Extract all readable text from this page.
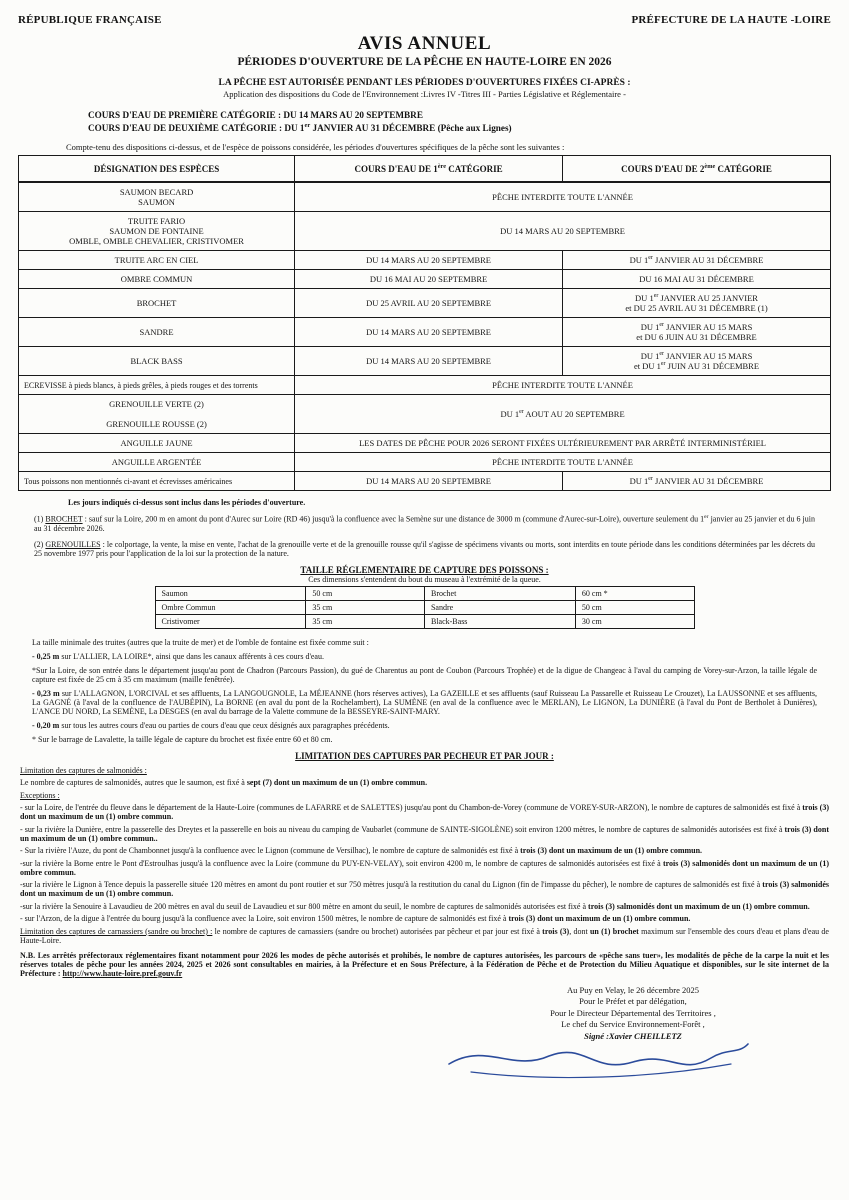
RÉPUBLIQUE FRANÇAISE	PRÉFECTURE DE LA HAUTE -LOIRE
AVIS ANNUEL
PÉRIODES D'OUVERTURE DE LA PÊCHE EN HAUTE-LOIRE EN 2026
LA PÊCHE EST AUTORISÉE PENDANT LES PÉRIODES D'OUVERTURES FIXÉES CI-APRÈS :
Application des dispositions du Code de l'Environnement :Livres IV -Titres III - Parties Législative et Réglementaire -
COURS D'EAU DE PREMIÈRE CATÉGORIE : DU 14 MARS AU 20 SEPTEMBRE
COURS D'EAU DE DEUXIÈME CATÉGORIE : DU 1er JANVIER AU 31 DÉCEMBRE (Pêche aux Lignes)
Compte-tenu des dispositions ci-dessus, et de l'espèce de poissons considérée, les périodes d'ouvertures spécifiques de la pêche sont les suivantes :
DÉSIGNATION DES ESPÈCES	COURS D'EAU DE 1ère CATÉGORIE	COURS D'EAU DE 2ème CATÉGORIE
SAUMON BECARD
SAUMON	PÊCHE INTERDITE TOUTE L'ANNÉE	
TRUITE FARIO
SAUMON DE FONTAINE
OMBLE, OMBLE CHEVALIER, CRISTIVOMER	DU 14 MARS AU 20 SEPTEMBRE	
TRUITE ARC EN CIEL	DU 14 MARS AU 20 SEPTEMBRE	DU 1er JANVIER AU 31 DÉCEMBRE
OMBRE COMMUN	DU 16 MAI AU 20 SEPTEMBRE	DU 16 MAI AU 31 DÉCEMBRE
BROCHET	DU 25 AVRIL AU 20 SEPTEMBRE	DU 1er JANVIER AU 25 JANVIER
et DU 25 AVRIL AU 31 DÉCEMBRE (1)
SANDRE	DU 14 MARS AU 20 SEPTEMBRE	DU 1er JANVIER AU 15 MARS
et DU 6 JUIN AU 31 DÉCEMBRE
BLACK BASS	DU 14 MARS AU 20 SEPTEMBRE	DU 1er JANVIER AU 15 MARS
et DU 1er JUIN AU 31 DÉCEMBRE
ECREVISSE à pieds blancs, à pieds grêles, à pieds rouges et des torrents	PÊCHE INTERDITE TOUTE L'ANNÉE	
GRENOUILLE VERTE (2)

GRENOUILLE ROUSSE (2)	DU 1er AOUT AU 20 SEPTEMBRE	
ANGUILLE JAUNE	LES DATES DE PÊCHE POUR 2026 SERONT FIXÉES ULTÉRIEUREMENT PAR ARRÊTÉ INTERMINISTÉRIEL	
ANGUILLE ARGENTÉE	PÊCHE INTERDITE TOUTE L'ANNÉE	
Tous poissons non mentionnés ci-avant et écrevisses américaines	DU 14 MARS AU 20 SEPTEMBRE	DU 1er JANVIER AU 31 DÉCEMBRE
Les jours indiqués ci-dessus sont inclus dans les périodes d'ouverture.
(1) BROCHET : sauf sur la Loire, 200 m en amont du pont d'Aurec sur Loire (RD 46) jusqu'à la confluence avec la Semène sur une distance de 3000 m (commune d'Aurec-sur-Loire), ouverture seulement du 1er janvier au 25 janvier et du 6 juin au 31 décembre 2026.
(2) GRENOUILLES : le colportage, la vente, la mise en vente, l'achat de la grenouille verte et de la grenouille rousse qu'il s'agisse de spécimens vivants ou morts, sont interdits en toute période dans les conditions déterminées par les décrets du 25 novembre 1977 pris pour l'application de la loi sur la protection de la nature.
TAILLE RÉGLEMENTAIRE DE CAPTURE DES POISSONS :
Ces dimensions s'entendent du bout du museau à l'extrémité de la queue.
Saumon	50 cm	Brochet	60 cm *
Ombre Commun	35 cm	Sandre	50 cm
Cristivomer	35 cm	Black-Bass	30 cm
La taille minimale des truites (autres que la truite de mer) et de l'omble de fontaine est fixée comme suit :
- 0,25 m sur L'ALLIER, LA LOIRE*, ainsi que dans les canaux afférents à ces cours d'eau.
*Sur la Loire, de son entrée dans le département jusqu'au pont de Chadron (Parcours Passion), du gué de Charentus au pont de Coubon (Parcours Trophée) et de la digue de Changeac à l'aval du camping de Vorey-sur-Arzon, la taille légale de capture est fixée de 25 cm à 35 cm maximum (maille fenêtrée).
- 0,23 m sur L'ALLAGNON, L'ORCIVAL et ses affluents, La LANGOUGNOLE, La MÉJEANNE (hors réserves actives), La GAZEILLE et ses affluents (sauf Ruisseau La Passarelle et Ruisseau Le Crouzet), La LAUSSONNE et ses affluents, La GAGNÉ (à l'aval de la confluence de l'AUBÉPIN), La BORNE (en aval du pont de la Rochelambert), La SUMÈNE (en aval de la confluence avec le MERLAN), Le LIGNON, La DUNIÈRE (à l'aval du Pont de Bertholet à Dunières), L'ANCE DU NORD, La SEMÈNE, La DESGES (en aval du barrage de la Valette commune de la BESSEYRE-SAINT-MARY.
- 0,20 m sur tous les autres cours d'eau ou parties de cours d'eau que ceux désignés aux paragraphes précédents.
* Sur le barrage de Lavalette, la taille légale de capture du brochet est fixée entre 60 et 80 cm.
LIMITATION DES CAPTURES PAR PECHEUR ET PAR JOUR :
Limitation des captures de salmonidés :
Le nombre de captures de salmonidés, autres que le saumon, est fixé à sept (7) dont un maximum de un (1) ombre commun.
Exceptions :
- sur la Loire, de l'entrée du fleuve dans le département de la Haute-Loire (communes de LAFARRE et de SALETTES) jusqu'au pont du Chambon-de-Vorey (commune de VOREY-SUR-ARZON), le nombre de captures de salmonidés est fixé à trois (3) dont un maximum de un (1) ombre commun.
- sur la rivière la Dunière, entre la passerelle des Dreytes et la passerelle en bois au niveau du camping de Vaubarlet (commune de SAINTE-SIGOLÈNE) soit environ 1200 mètres, le nombre de captures de salmonidés autorisées est fixé à trois (3) dont un maximum de un (1) ombre commun..
- Sur la rivière l'Auze, du pont de Chambonnet jusqu'à la confluence avec le Lignon (commune de Versilhac), le nombre de capture de salmonidés est fixé à trois (3) dont un maximum de un (1) ombre commun.
-sur la rivière la Borne entre le Pont d'Estroulhas jusqu'à la confluence avec la Loire (commune du PUY-EN-VELAY), soit environ 4200 m, le nombre de captures de salmonidés autorisées est fixé à trois (3) salmonidés dont un maximum de un (1) ombre commun.
-sur la rivière le Lignon à Tence depuis la passerelle située 120 mètres en amont du pont routier et sur 750 mètres jusqu'à la restitution du canal du Lignon (fin de l'impasse du pêcher), le nombre de captures de salmonidés est fixé à trois (3) salmonidés dont un maximum de un (1) ombre commun.
-sur la rivière la Senouire à Lavaudieu de 200 mètres en aval du seuil de Lavaudieu et sur 800 mètre en amont du seuil, le nombre de captures de salmonidés autorisées est fixé à trois (3) salmonidés dont un maximum de un (1) ombre commun.
- sur l'Arzon, de la digue à l'entrée du bourg jusqu'à la confluence avec la Loire, soit environ 1500 mètres, le nombre de capture de salmonidés est fixé à trois (3) dont un maximum de un (1) ombre commun.
Limitation des captures de carnassiers (sandre ou brochet) : le nombre de captures de carnassiers (sandre ou brochet) autorisées par pêcheur et par jour est fixé à trois (3), dont un (1) brochet maximum sur l'ensemble des cours d'eau et plans d'eau de Haute-Loire.
N.B. Les arrêtés préfectoraux réglementaires fixant notamment pour 2026 les modes de pêche autorisés et prohibés, le nombre de captures autorisées, les parcours de «pêche sans tuer», les modalités de pêche de la carpe la nuit et les réserves totales de pêche pour les années 2024, 2025 et 2026 sont consultables en mairies, à la Préfecture et en Sous Préfecture, à la Fédération de Pêche et de Protection du Milieu Aquatique et disponibles, sur le site internet de la Préfecture : http://www.haute-loire.pref.gouv.fr
Au Puy en Velay, le 26 décembre 2025
Pour le Préfet et par délégation,
Pour le Directeur Départemental des Territoires ,
Le chef du Service Environnement-Forêt ,
Signé :Xavier CHEILLETZ
